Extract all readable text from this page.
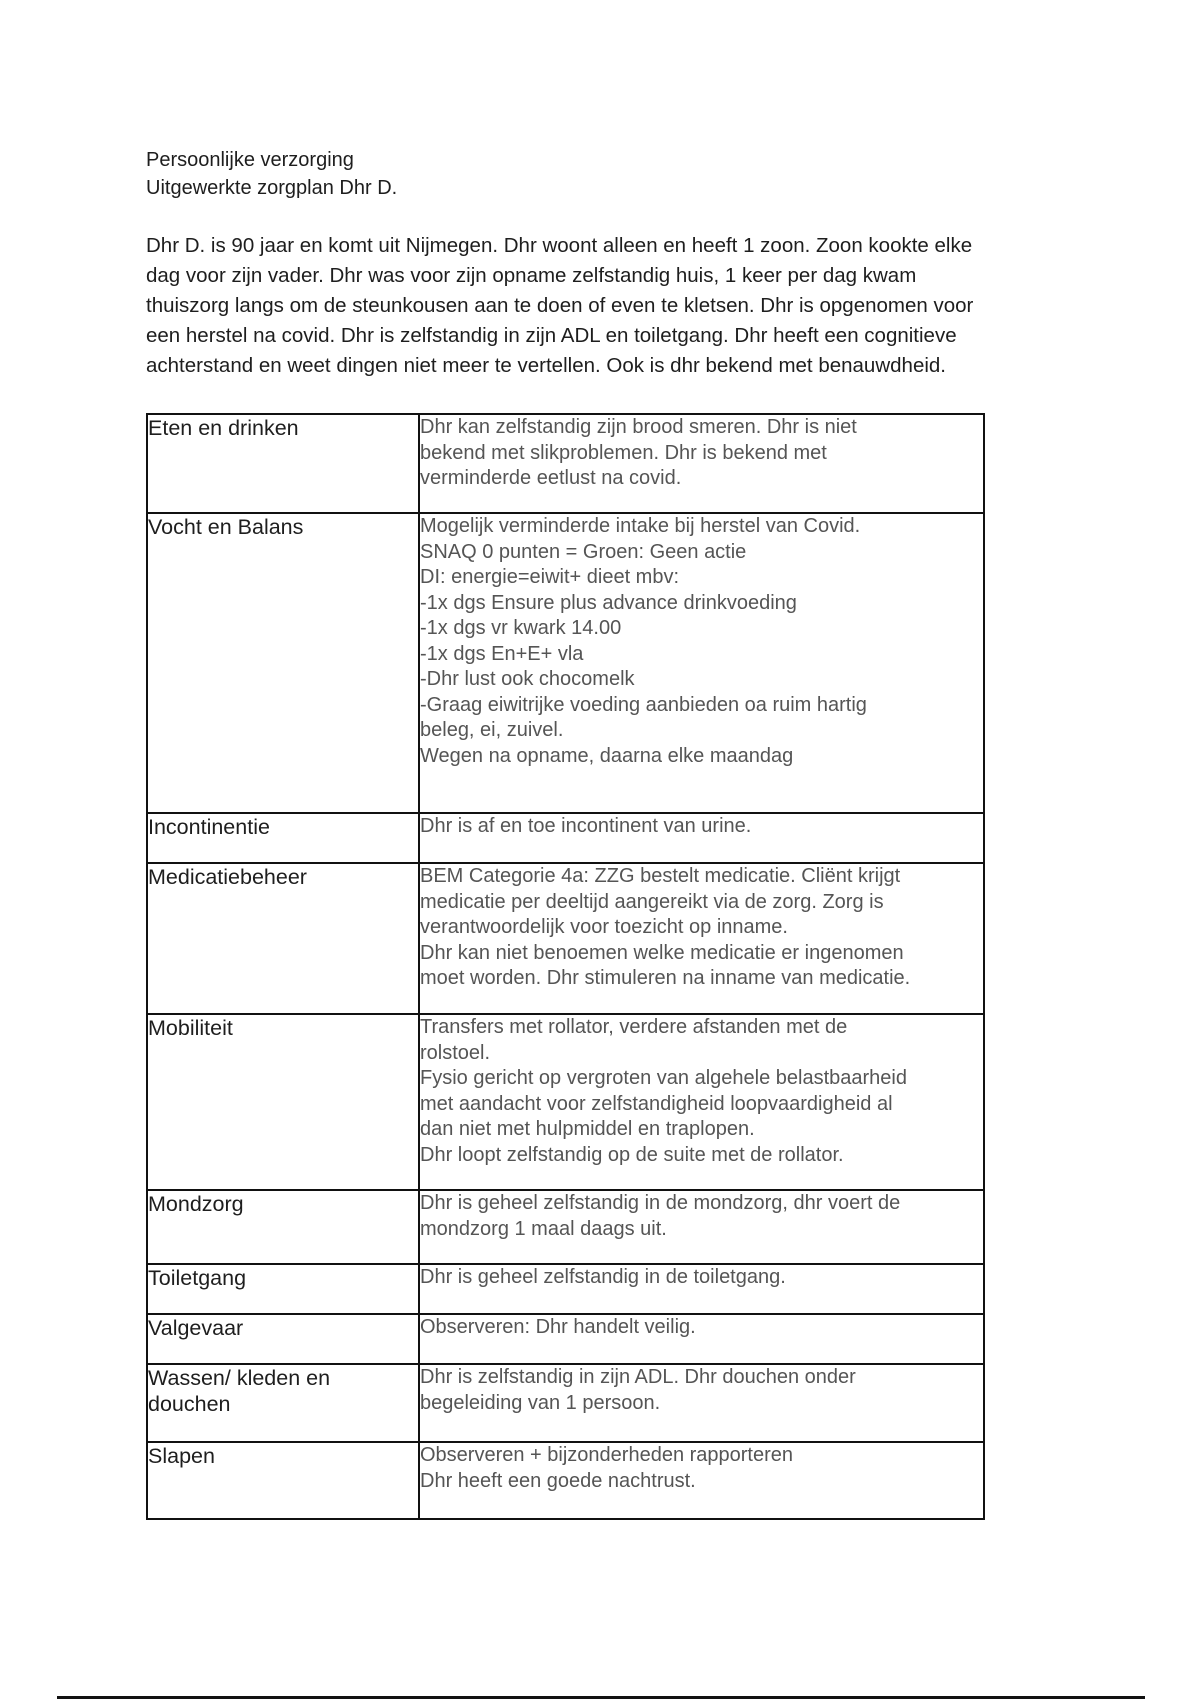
Persoonlijke verzorging
Uitgewerkte zorgplan Dhr D.

Dhr D. is 90 jaar en komt uit Nijmegen. Dhr woont alleen en heeft 1 zoon. Zoon kookte elke
dag voor zijn vader. Dhr was voor zijn opname zelfstandig huis, 1 keer per dag kwam
thuiszorg langs om de steunkousen aan te doen of even te kletsen. Dhr is opgenomen voor
een herstel na covid. Dhr is zelfstandig in zijn ADL en toiletgang. Dhr heeft een cognitieve
achterstand en weet dingen niet meer te vertellen. Ook is dhr bekend met benauwdheid.

Eten en drinken	Dhr kan zelfstandig zijn brood smeren. Dhr is niet
bekend met slikproblemen. Dhr is bekend met
verminderde eetlust na covid.

Vocht en Balans	Mogelijk verminderde intake bij herstel van Covid.
SNAQ 0 punten = Groen: Geen actie
DI: energie=eiwit+ dieet mbv:
-1x dgs Ensure plus advance drinkvoeding
-1x dgs vr kwark 14.00
-1x dgs En+E+ vla
-Dhr lust ook chocomelk
-Graag eiwitrijke voeding aanbieden oa ruim hartig
beleg, ei, zuivel.
Wegen na opname, daarna elke maandag

Incontinentie	Dhr is af en toe incontinent van urine.

Medicatiebeheer	BEM Categorie 4a: ZZG bestelt medicatie. Cliënt krijgt
medicatie per deeltijd aangereikt via de zorg. Zorg is
verantwoordelijk voor toezicht op inname.
Dhr kan niet benoemen welke medicatie er ingenomen
moet worden. Dhr stimuleren na inname van medicatie.

Mobiliteit	Transfers met rollator, verdere afstanden met de
rolstoel.
Fysio gericht op vergroten van algehele belastbaarheid
met aandacht voor zelfstandigheid loopvaardigheid al
dan niet met hulpmiddel en traplopen.
Dhr loopt zelfstandig op de suite met de rollator.

Mondzorg	Dhr is geheel zelfstandig in de mondzorg, dhr voert de
mondzorg 1 maal daags uit.

Toiletgang	Dhr is geheel zelfstandig in de toiletgang.

Valgevaar	Observeren: Dhr handelt veilig.

Wassen/ kleden en
douchen	Dhr is zelfstandig in zijn ADL. Dhr douchen onder
begeleiding van 1 persoon.

Slapen	Observeren + bijzonderheden rapporteren
Dhr heeft een goede nachtrust.
